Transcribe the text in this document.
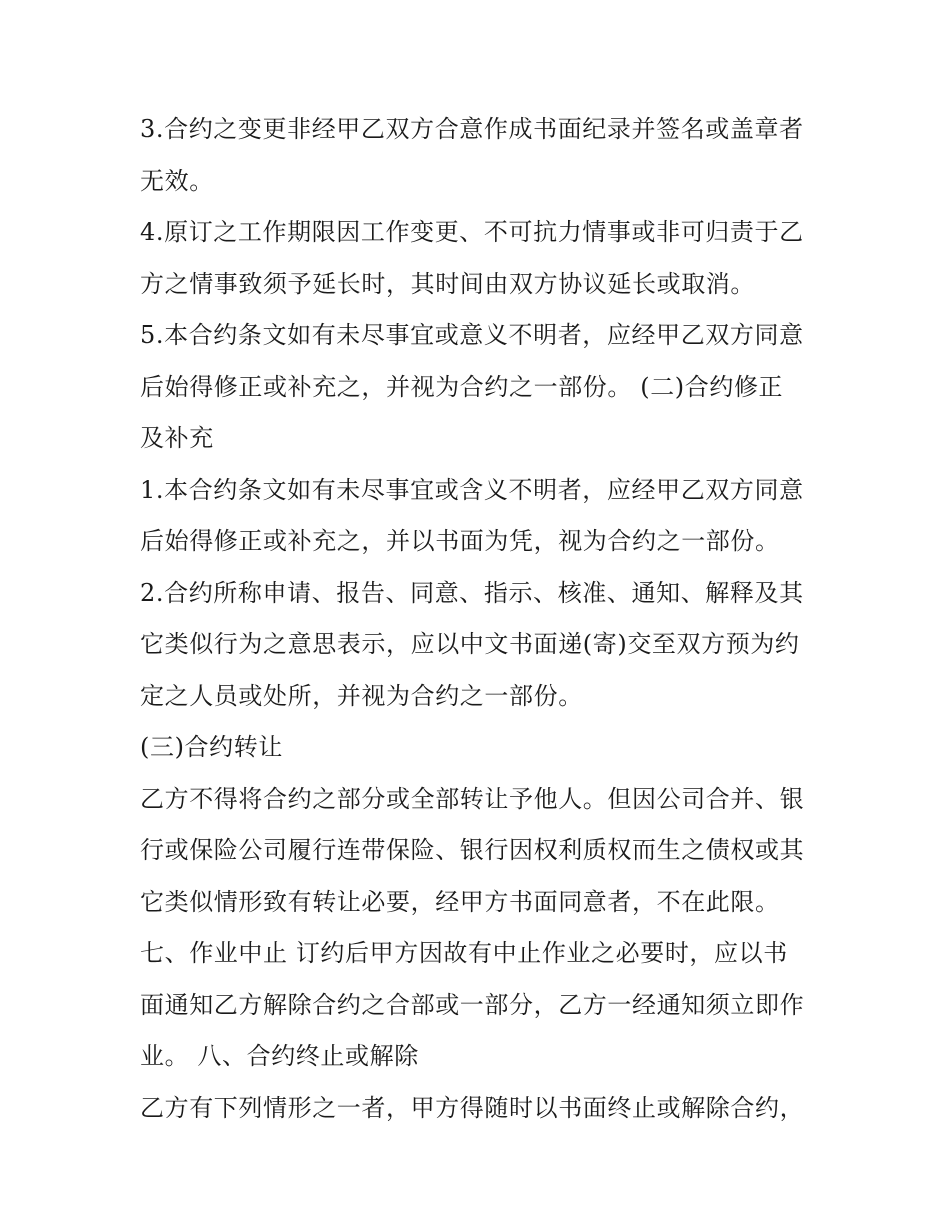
3.合约之变更非经甲乙双方合意作成书面纪录并签名或盖章者
无效。
4.原订之工作期限因工作变更、不可抗力情事或非可归责于乙
方之情事致须予延长时，其时间由双方协议延长或取消。
5.本合约条文如有未尽事宜或意义不明者，应经甲乙双方同意
后始得修正或补充之，并视为合约之一部份。 (二)合约修正
及补充
1.本合约条文如有未尽事宜或含义不明者，应经甲乙双方同意
后始得修正或补充之，并以书面为凭，视为合约之一部份。
2.合约所称申请、报告、同意、指示、核准、通知、解释及其
它类似行为之意思表示，应以中文书面递(寄)交至双方预为约
定之人员或处所，并视为合约之一部份。
(三)合约转让
乙方不得将合约之部分或全部转让予他人。但因公司合并、银
行或保险公司履行连带保险、银行因权利质权而生之债权或其
它类似情形致有转让必要，经甲方书面同意者，不在此限。
七、作业中止 订约后甲方因故有中止作业之必要时，应以书
面通知乙方解除合约之合部或一部分，乙方一经通知须立即作
业。 八、合约终止或解除
乙方有下列情形之一者，甲方得随时以书面终止或解除合约，
